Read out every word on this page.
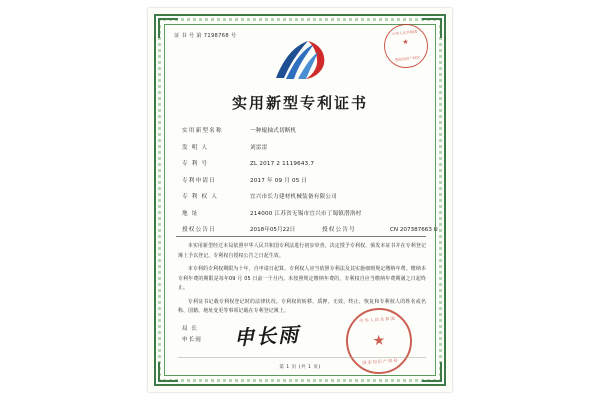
证 书 号 第 7198768 号	中华人民共和国
★
国家知识产权局
实用新型专利证书
实用新型名称	一种辊轴式切断机
发 明 人	刘雷雷
专 利 号	ZL 2017 2 1119643.7
专利申请日	2017 年 09 月 05 日
专 利 权 人	宜兴市长力建材机械装备有限公司
地 址	214000 江苏省无锡市宜兴市丁蜀镇潜洛村
授权公告日	2018年05月22日	授权公告号	CN 207387663 U

本实用新型经过本局依照中华人民共和国专利法进行初步审查，决定授予专利权，颁发本证书并在专利登记簿上予以登记。专利权自授权公告之日起生效。

本专利的专利权期限为十年，自申请日起算。专利权人应当依照专利法及其实施细则规定缴纳年费。缴纳本专利年费的期限是每年09 月 05 日前一个月内。未按照规定缴纳年费的，专利权自应当缴纳年费期满之日起终止。

专利证书记载专利权登记时的法律状况。专利权的转移、质押、无效、终止、恢复和专利权人的姓名或名称、国籍、地址变更等事项记载在专利登记簿上。

局 长
申长雨 申长雨
中华人民共和国
★
国家知识产权局
第 1 页 (共 1 页)
